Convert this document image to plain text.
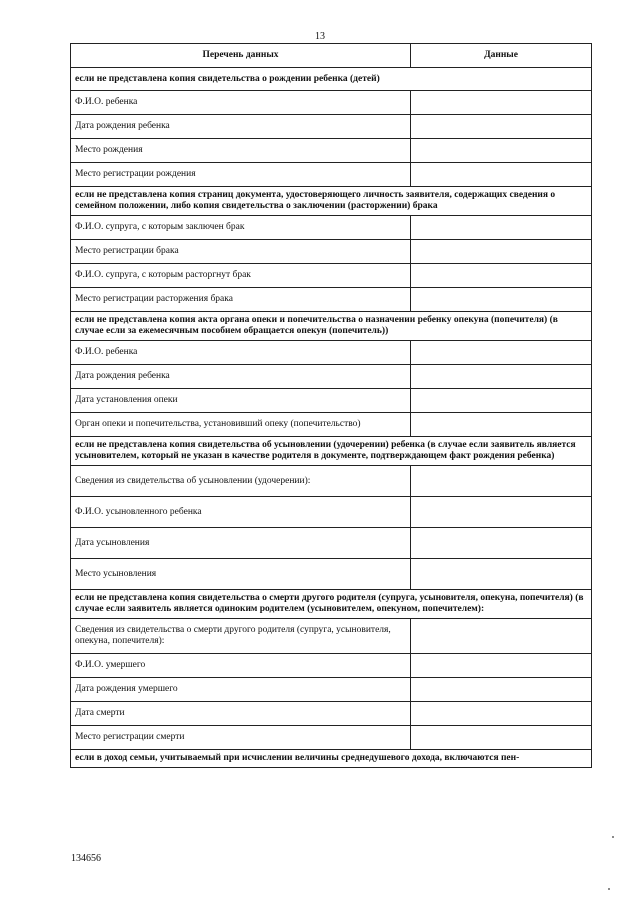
13
Перечень данных	Данные
если не представлена копия свидетельства о рождении ребенка (детей)	
Ф.И.О. ребенка	
Дата рождения ребенка	
Место рождения	
Место регистрации рождения	
если не представлена копия страниц документа, удостоверяющего личность заявителя, содержащих сведения о семейном положении, либо копия свидетельства о заключении (расторжении) брака	
Ф.И.О. супруга, с которым заключен брак	
Место регистрации брака	
Ф.И.О. супруга, с которым расторгнут брак	
Место регистрации расторжения брака	
если не представлена копия акта органа опеки и попечительства о назначении ребенку опекуна (попечителя) (в случае если за ежемесячным пособием обращается опекун (попечитель))	
Ф.И.О. ребенка	
Дата рождения ребенка	
Дата установления опеки	
Орган опеки и попечительства, установивший опеку (попечительство)	
если не представлена копия свидетельства об усыновлении (удочерении) ребенка (в случае если заявитель является усыновителем, который не указан в качестве родителя в документе, подтверждающем факт рождения ребенка)	
Сведения из свидетельства об усыновлении (удочерении):	
Ф.И.О. усыновленного ребенка	
Дата усыновления	
Место усыновления	
если не представлена копия свидетельства о смерти другого родителя (супруга, усыновителя, опекуна, попечителя) (в случае если заявитель является одиноким родителем (усыновителем, опекуном, попечителем):	
Сведения из свидетельства о смерти другого родителя (супруга, усыновителя, опекуна, попечителя):	
Ф.И.О. умершего	
Дата рождения умершего	
Дата смерти	
Место регистрации смерти	
если в доход семьи, учитываемый при исчислении величины среднедушевого дохода, включаются пен-	
134656
